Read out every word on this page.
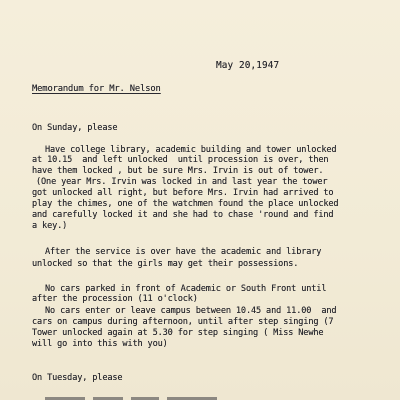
May 20,1947
Memorandum for Mr. Nelson
On Sunday, please
Have college library, academic building and tower unlocked
at 10.15  and left unlocked  until procession is over, then
have them locked , but be sure Mrs. Irvin is out of tower.
(One year Mrs. Irvin was locked in and last year the tower
got unlocked all right, but before Mrs. Irvin had arrived to
play the chimes, one of the watchmen found the place unlocked
and carefully locked it and she had to chase 'round and find
a key.)
After the service is over have the academic and library
unlocked so that the girls may get their possessions.
No cars parked in front of Academic or South Front until
after the procession (11 o'clock)
No cars enter or leave campus between 10.45 and 11.00  and
cars on campus during afternoon, until after step singing (7
Tower unlocked again at 5.30 for step singing ( Miss Newhe
will go into this with you)
On Tuesday, please
